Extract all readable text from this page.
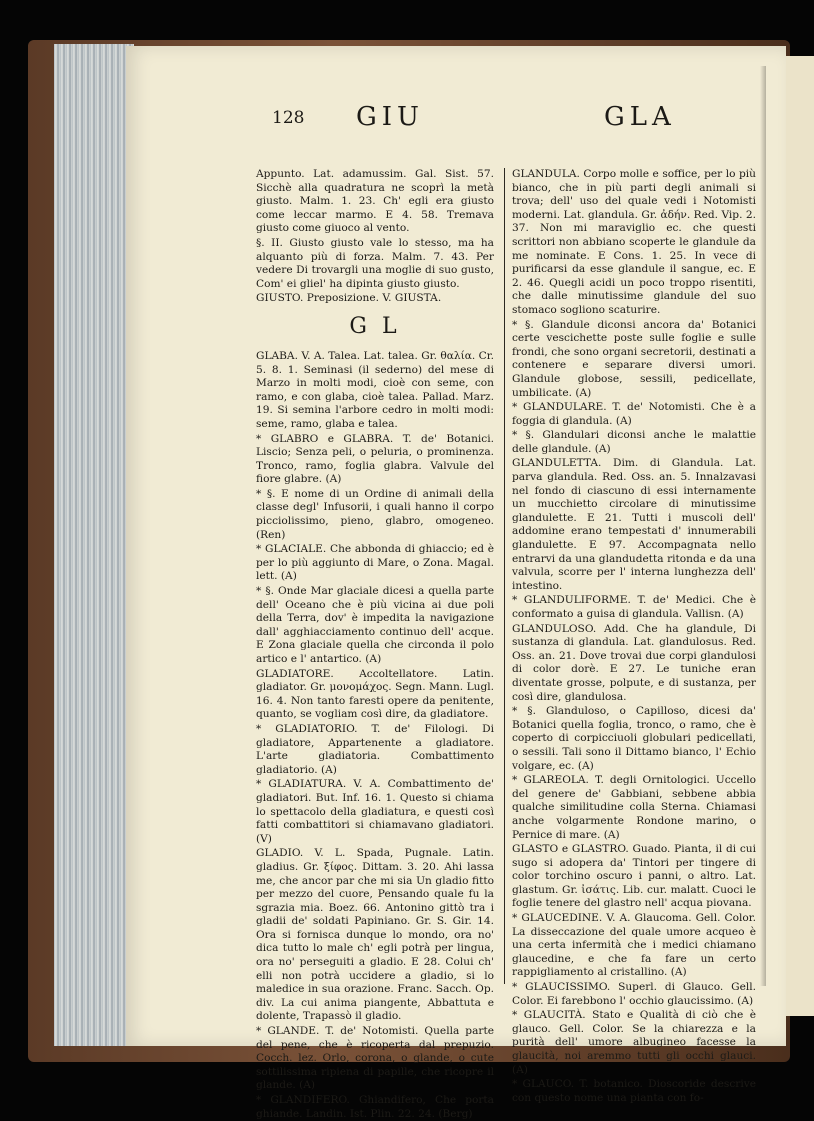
128 GIU	GLA

Appunto. Lat. adamussim. Gal. Sist. 57. Sicchè alla quadratura ne scoprì la metà giusto. Malm. 1. 23. Ch' egli era giusto come leccar marmo. E 4. 58. Tremava giusto come giuoco al vento.

§. II. Giusto giusto vale lo stesso, ma ha alquanto più di forza. Malm. 7. 43. Per vedere Di trovargli una moglie di suo gusto, Com' ei gliel' ha dipinta giusto giusto.

GIUSTO. Preposizione. V. GIUSTA.

G L

GLABA. V. A. Talea. Lat. talea. Gr. θαλία. Cr. 5. 8. 1. Seminasi (il sederno) del mese di Marzo in molti modi, cioè con seme, con ramo, e con glaba, cioè talea. Pallad. Marz. 19. Si semina l'arbore cedro in molti modi: seme, ramo, glaba e talea.

* GLABRO e GLABRA. T. de' Botanici. Liscio; Senza peli, o peluria, o prominenza. Tronco, ramo, foglia glabra. Valvule del fiore glabre. (A)

* §. E nome di un Ordine di animali della classe degl' Infusorii, i quali hanno il corpo picciolissimo, pieno, glabro, omogeneo. (Ren)

* GLACIALE. Che abbonda di ghiaccio; ed è per lo più aggiunto di Mare, o Zona. Magal. lett. (A)

* §. Onde Mar glaciale dicesi a quella parte dell' Oceano che è più vicina ai due poli della Terra, dov' è impedita la navigazione dall' agghiacciamento continuo dell' acque. E Zona glaciale quella che circonda il polo artico e l' antartico. (A)

GLADIATORE. Accoltellatore. Latin. gladiator. Gr. μονομάχος. Segn. Mann. Lugl. 16. 4. Non tanto faresti opere da penitente, quanto, se vogliam così dire, da gladiatore.

* GLADIATORIO. T. de' Filologi. Di gladiatore, Appartenente a gladiatore. L'arte gladiatoria. Combattimento gladiatorio. (A)

* GLADIATURA. V. A. Combattimento de' gladiatori. But. Inf. 16. 1. Questo si chiama lo spettacolo della gladiatura, e questi così fatti combattitori si chiamavano gladiatori. (V)

GLADIO. V. L. Spada, Pugnale. Latin. gladius. Gr. ξίφος. Dittam. 3. 20. Ahi lassa me, che ancor par che mi sia Un gladio fitto per mezzo del cuore, Pensando quale fu la sgrazia mia. Boez. 66. Antonino gittò tra i gladii de' soldati Papiniano. Gr. S. Gir. 14. Ora si fornisca dunque lo mondo, ora no' dica tutto lo male ch' egli potrà per lingua, ora no' perseguiti a gladio. E 28. Colui ch' elli non potrà uccidere a gladio, si lo maledice in sua orazione. Franc. Sacch. Op. div. La cui anima piangente, Abbattuta e dolente, Trapassò il gladio.

* GLANDE. T. de' Notomisti. Quella parte del pene, che è ricoperta dal prepuzio. Cocch. lez. Orlo, corona, o glande, o cute sottilissima ripiena di papille, che ricopre il glande. (A)

* GLANDIFERO. Ghiandifero, Che porta ghiande. Landin. Ist. Plin. 22. 24. (Berg)

GLANDULA. Corpo molle e soffice, per lo più bianco, che in più parti degli animali si trova; dell' uso del quale vedi i Notomisti moderni. Lat. glandula. Gr. ἀδήν. Red. Vip. 2. 37. Non mi maraviglio ec. che questi scrittori non abbiano scoperte le glandule da me nominate. E Cons. 1. 25. In vece di purificarsi da esse glandule il sangue, ec. E 2. 46. Quegli acidi un poco troppo risentiti, che dalle minutissime glandule del suo stomaco sogliono scaturire.

* §. Glandule diconsi ancora da' Botanici certe vescichette poste sulle foglie e sulle frondi, che sono organi secretorii, destinati a contenere e separare diversi umori. Glandule globose, sessili, pedicellate, umbilicate. (A)

* GLANDULARE. T. de' Notomisti. Che è a foggia di glandula. (A)

* §. Glandulari diconsi anche le malattie delle glandule. (A)

GLANDULETTA. Dim. di Glandula. Lat. parva glandula. Red. Oss. an. 5. Innalzavasi nel fondo di ciascuno di essi internamente un mucchietto circolare di minutissime glandulette. E 21. Tutti i muscoli dell' addomine erano tempestati d' innumerabili glandulette. E 97. Accompagnata nello entrarvi da una glandudetta ritonda e da una valvula, scorre per l' interna lunghezza dell' intestino.

* GLANDULIFORME. T. de' Medici. Che è conformato a guisa di glandula. Vallisn. (A)

GLANDULOSO. Add. Che ha glandule, Di sustanza di glandula. Lat. glandulosus. Red. Oss. an. 21. Dove trovai due corpi glandulosi di color dorè. E 27. Le tuniche eran diventate grosse, polpute, e di sustanza, per così dire, glandulosa.

* §. Glanduloso, o Capilloso, dicesi da' Botanici quella foglia, tronco, o ramo, che è coperto di corpicciuoli globulari pedicellati, o sessili. Tali sono il Dittamo bianco, l' Echio volgare, ec. (A)

* GLAREOLA. T. degli Ornitologici. Uccello del genere de' Gabbiani, sebbene abbia qualche similitudine colla Sterna. Chiamasi anche volgarmente Rondone marino, o Pernice di mare. (A)

GLASTO e GLASTRO. Guado. Pianta, il di cui sugo si adopera da' Tintori per tingere di color torchino oscuro i panni, o altro. Lat. glastum. Gr. ἰσάτις. Lib. cur. malatt. Cuoci le foglie tenere del glastro nell' acqua piovana.

* GLAUCEDINE. V. A. Glaucoma. Gell. Color. La disseccazione del quale umore acqueo è una certa infermità che i medici chiamano glaucedine, e che fa fare un certo rappigliamento al cristallino. (A)

* GLAUCISSIMO. Superl. di Glauco. Gell. Color. Ei farebbono l' occhio glaucissimo. (A)

* GLAUCITÀ. Stato e Qualità di ciò che è glauco. Gell. Color. Se la chiarezza e la purità dell' umore albugineo facesse la glaucità, noi aremmo tutti gli occhi glauci. (A)

* GLAUCO. T. botanico. Dioscoride descrive con questo nome una pianta con fo-
